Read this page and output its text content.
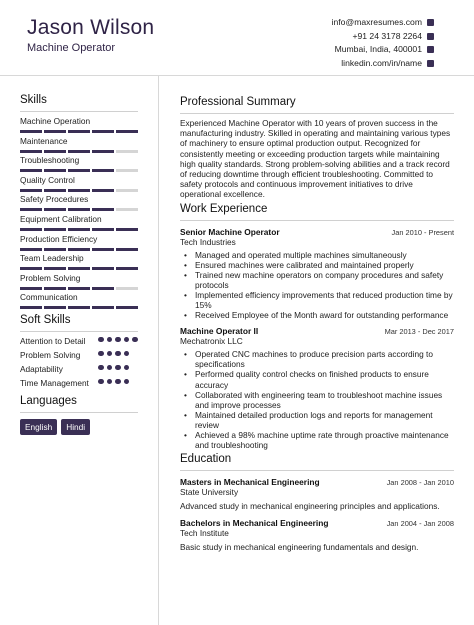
Jason Wilson
Machine Operator
info@maxresumes.com
+91 24 3178 2264
Mumbai, India, 400001
linkedin.com/in/name
Skills
Machine Operation
Maintenance
Troubleshooting
Quality Control
Safety Procedures
Equipment Calibration
Production Efficiency
Team Leadership
Problem Solving
Communication
Soft Skills
Attention to Detail
Problem Solving
Adaptability
Time Management
Languages
English	Hindi
Professional Summary
Experienced Machine Operator with 10 years of proven success in the manufacturing industry. Skilled in operating and maintaining various types of machinery to ensure optimal production output. Recognized for consistently meeting or exceeding production targets while maintaining high quality standards. Strong problem-solving abilities and a track record of reducing downtime through efficient troubleshooting. Committed to safety protocols and continuous improvement initiatives to drive operational excellence.
Work Experience
Senior Machine Operator	Jan 2010 - Present
Tech Industries
• Managed and operated multiple machines simultaneously
• Ensured machines were calibrated and maintained properly
• Trained new machine operators on company procedures and safety protocols
• Implemented efficiency improvements that reduced production time by 15%
• Received Employee of the Month award for outstanding performance
Machine Operator II	Mar 2013 - Dec 2017
Mechatronix LLC
• Operated CNC machines to produce precision parts according to specifications
• Performed quality control checks on finished products to ensure accuracy
• Collaborated with engineering team to troubleshoot machine issues and improve processes
• Maintained detailed production logs and reports for management review
• Achieved a 98% machine uptime rate through proactive maintenance and troubleshooting
Education
Masters in Mechanical Engineering	Jan 2008 - Jan 2010
State University
Advanced study in mechanical engineering principles and applications.
Bachelors in Mechanical Engineering	Jan 2004 - Jan 2008
Tech Institute
Basic study in mechanical engineering fundamentals and design.
